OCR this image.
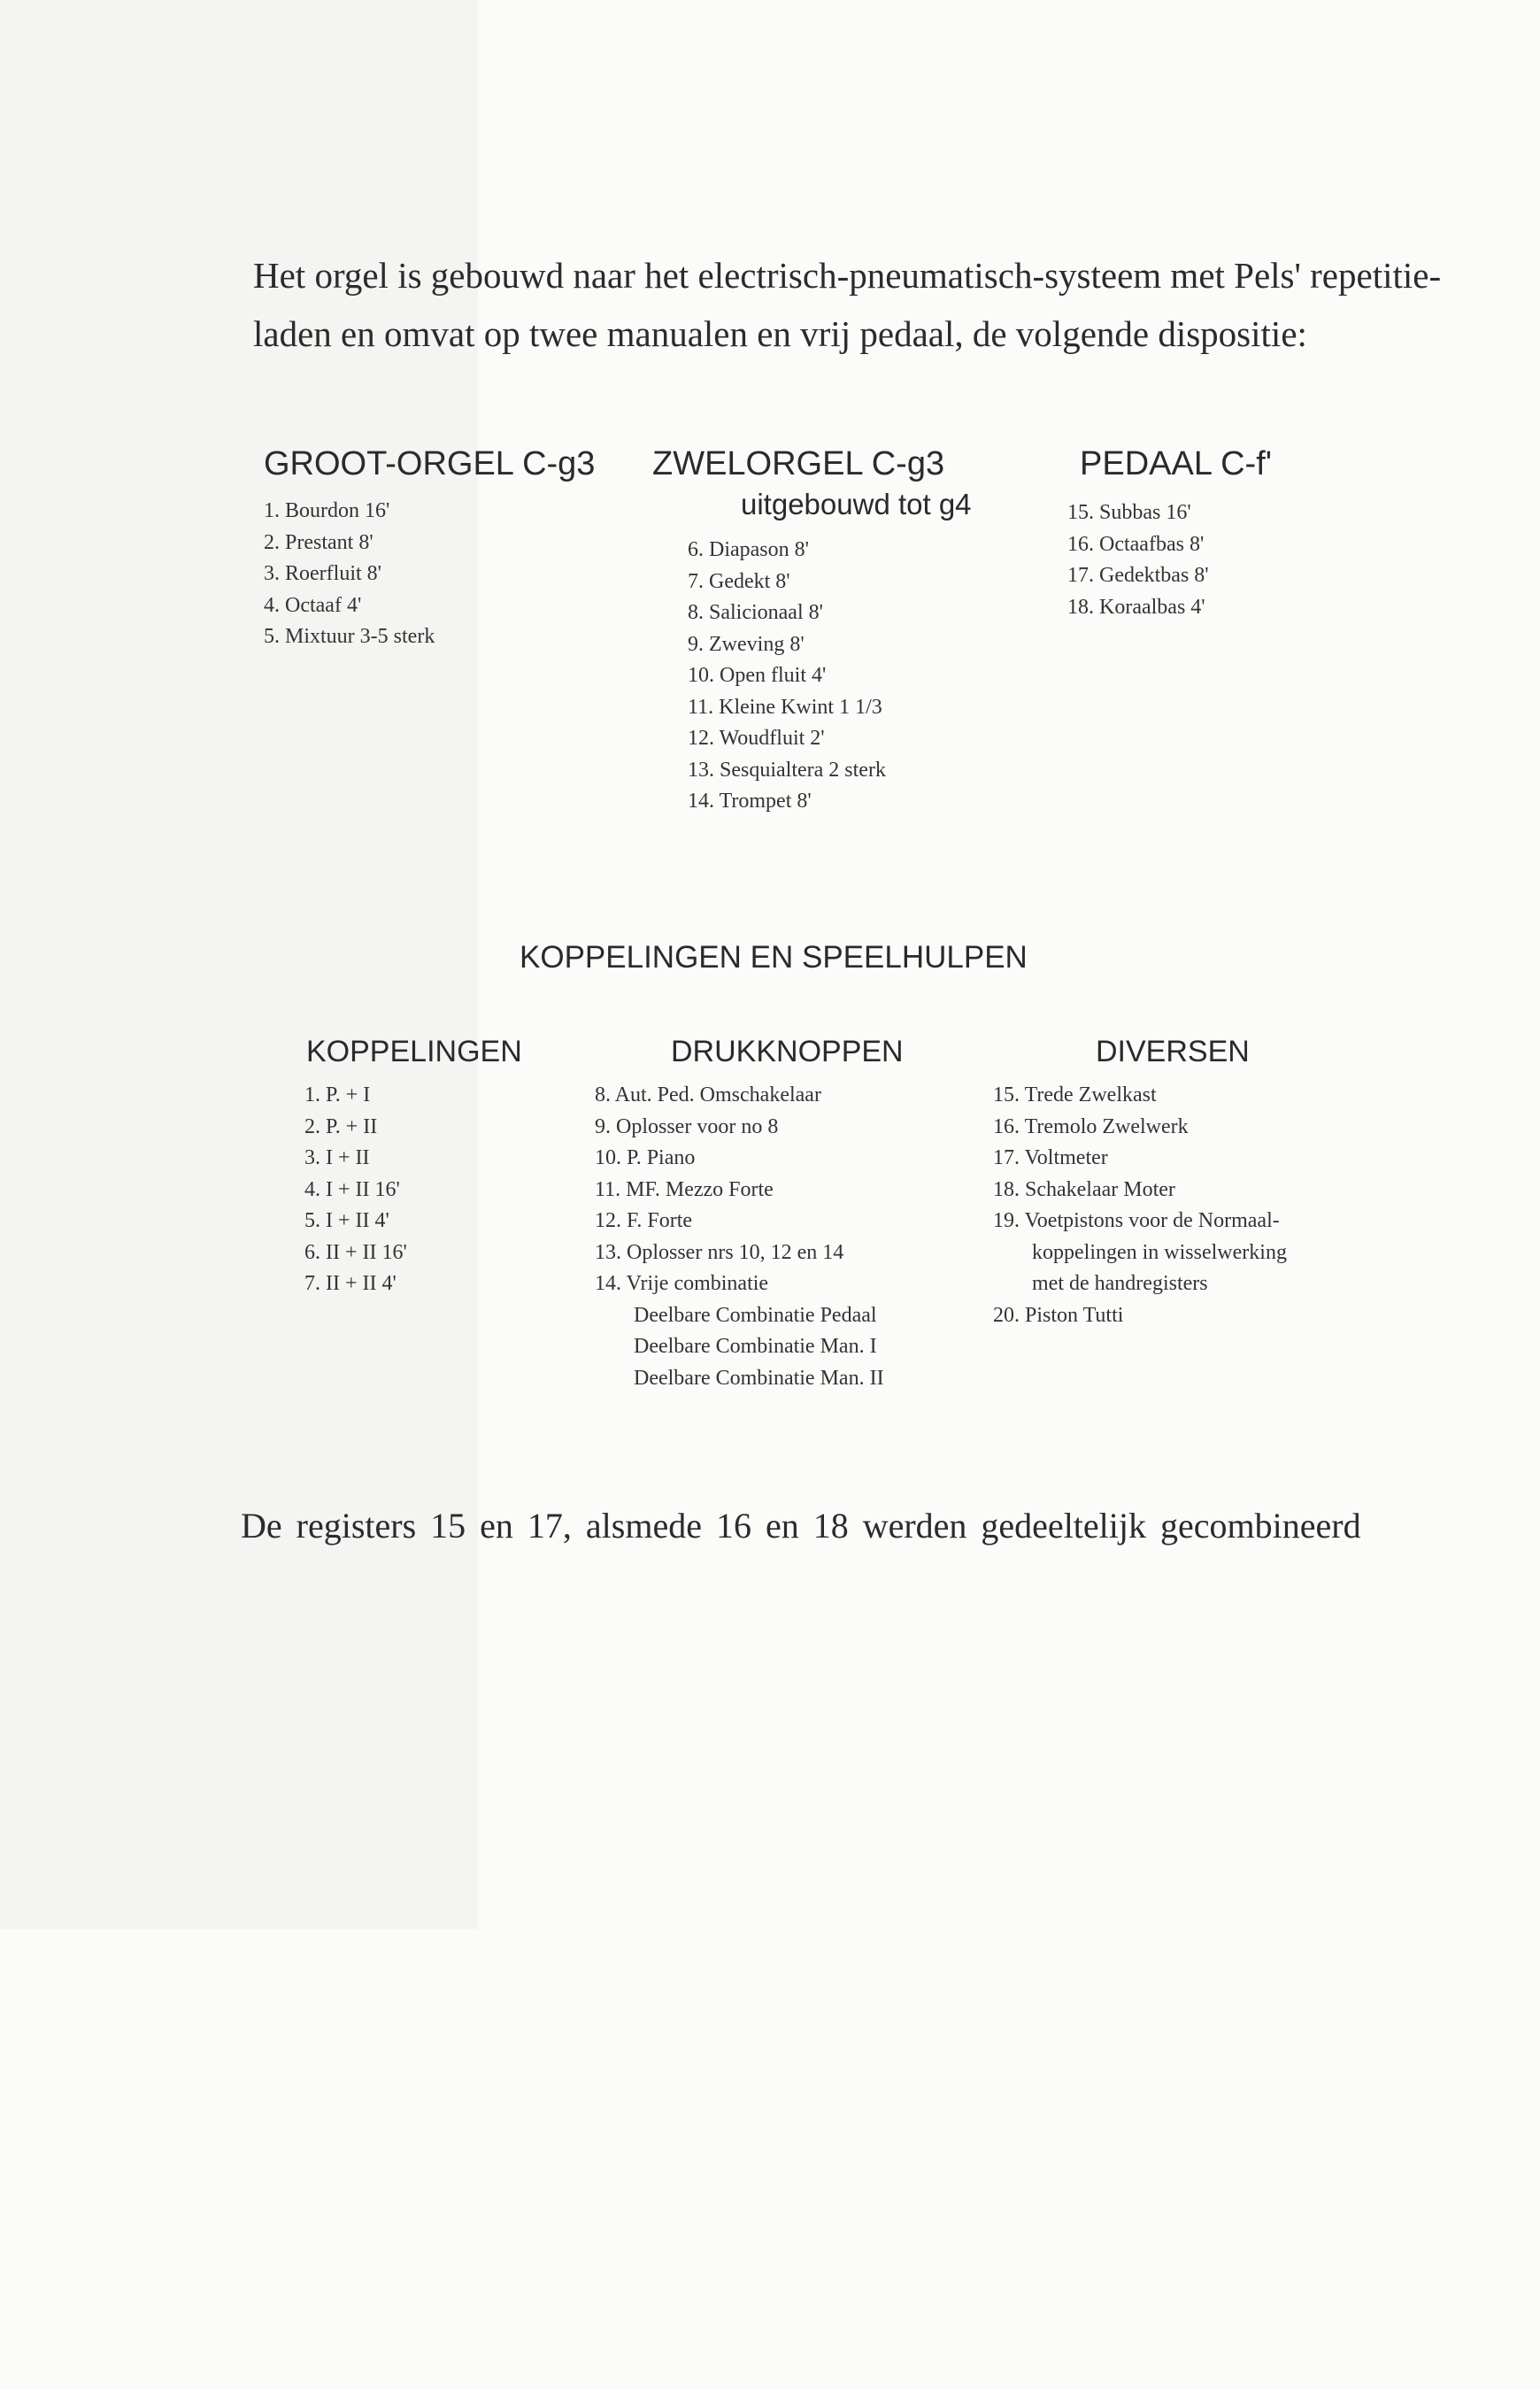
Het orgel is gebouwd naar het electrisch-pneumatisch-systeem met Pels' repetitie-
laden en omvat op twee manualen en vrij pedaal, de volgende dispositie:

GROOT-ORGEL C-g3
1. Bourdon 16'
2. Prestant 8'
3. Roerfluit 8'
4. Octaaf 4'
5. Mixtuur 3-5 sterk
ZWELORGEL C-g3

uitgebouwd tot g4

6. Diapason 8'
7. Gedekt 8'
8. Salicionaal 8'
9. Zweving 8'
10. Open fluit 4'
11. Kleine Kwint 1 1/3
12. Woudfluit 2'
13. Sesquialtera 2 sterk
14. Trompet 8'
PEDAAL C-f'
15. Subbas 16'
16. Octaafbas 8'
17. Gedektbas 8'
18. Koraalbas 4'
KOPPELINGEN EN SPEELHULPEN
KOPPELINGEN
1. P. + I
2. P. + II
3. I + II
4. I + II 16'
5. I + II 4'
6. II + II 16'
7. II + II 4'
DRUKKNOPPEN
8. Aut. Ped. Omschakelaar
9. Oplosser voor no 8
10. P. Piano
11. MF. Mezzo Forte
12. F. Forte
13. Oplosser nrs 10, 12 en 14
14. Vrije combinatie
Deelbare Combinatie Pedaal
Deelbare Combinatie Man. I
Deelbare Combinatie Man. II
DIVERSEN
15. Trede Zwelkast
16. Tremolo Zwelwerk
17. Voltmeter
18. Schakelaar Moter
19. Voetpistons voor de Normaal-
koppelingen in wisselwerking
met de handregisters
20. Piston Tutti

De registers 15 en 17, alsmede 16 en 18 werden gedeeltelijk gecombineerd
